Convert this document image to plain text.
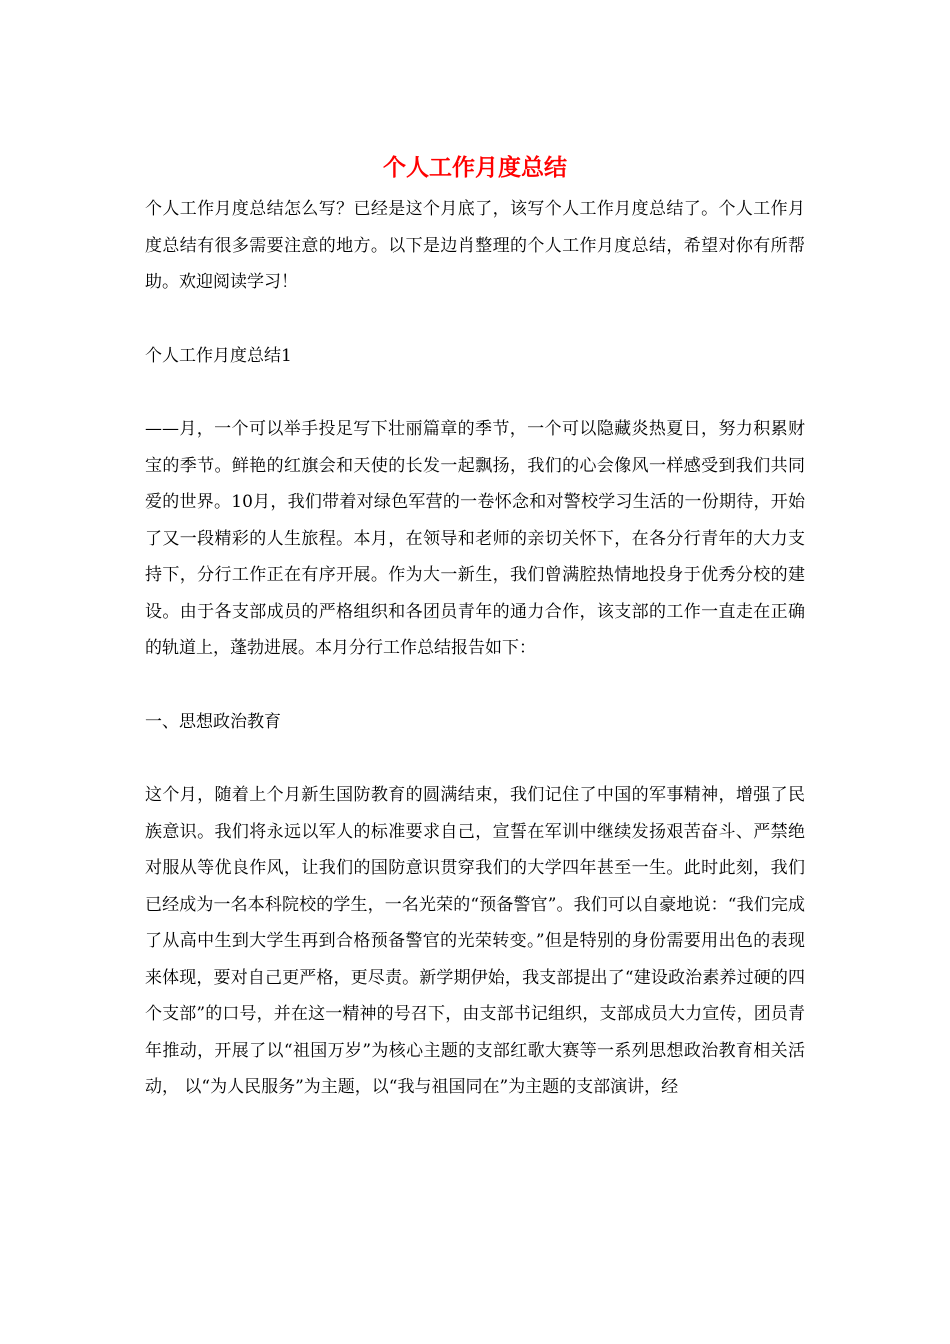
个人工作月度总结

个人工作月度总结怎么写？已经是这个月底了，该写个人工作月度总结了。个人工作月度总结有很多需要注意的地方。以下是边肖整理的个人工作月度总结，希望对你有所帮助。欢迎阅读学习！

个人工作月度总结1

——月，一个可以举手投足写下壮丽篇章的季节，一个可以隐藏炎热夏日，努力积累财宝的季节。鲜艳的红旗会和天使的长发一起飘扬，我们的心会像风一样感受到我们共同爱的世界。10月，我们带着对绿色军营的一卷怀念和对警校学习生活的一份期待，开始了又一段精彩的人生旅程。本月，在领导和老师的亲切关怀下，在各分行青年的大力支持下，分行工作正在有序开展。作为大一新生，我们曾满腔热情地投身于优秀分校的建设。由于各支部成员的严格组织和各团员青年的通力合作，该支部的工作一直走在正确的轨道上，蓬勃进展。本月分行工作总结报告如下：

一、思想政治教育

这个月，随着上个月新生国防教育的圆满结束，我们记住了中国的军事精神，增强了民族意识。我们将永远以军人的标准要求自己，宣誓在军训中继续发扬艰苦奋斗、严禁绝对服从等优良作风，让我们的国防意识贯穿我们的大学四年甚至一生。此时此刻，我们已经成为一名本科院校的学生，一名光荣的“预备警官”。我们可以自豪地说：“我们完成了从高中生到大学生再到合格预备警官的光荣转变。”但是特别的身份需要用出色的表现来体现，要对自己更严格，更尽责。新学期伊始，我支部提出了“建设政治素养过硬的四个支部”的口号，并在这一精神的号召下，由支部书记组织，支部成员大力宣传，团员青年推动，开展了以“祖国万岁”为核心主题的支部红歌大赛等一系列思想政治教育相关活动， 以“为人民服务”为主题，以“我与祖国同在”为主题的支部演讲，经
